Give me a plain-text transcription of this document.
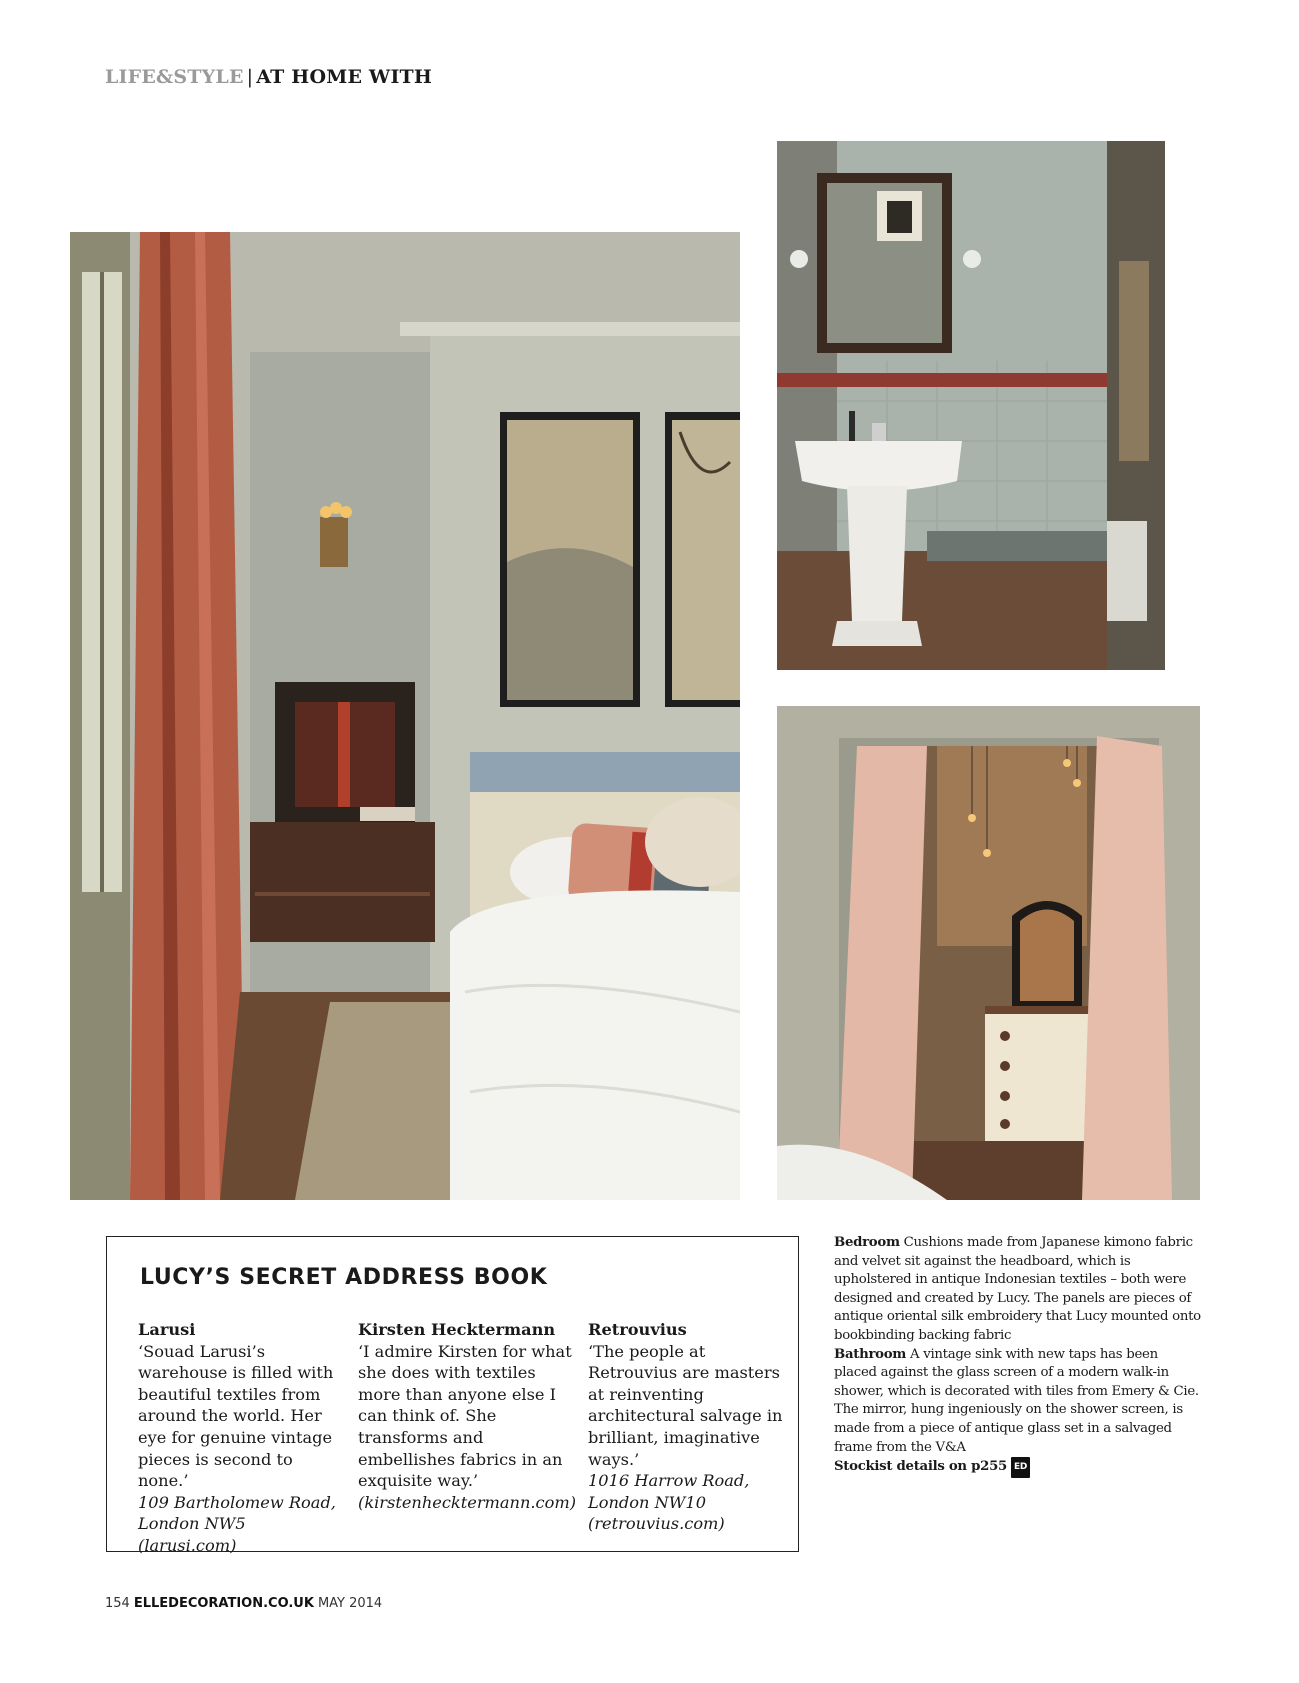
LIFE&STYLE | AT HOME WITH
LUCY’S SECRET ADDRESS BOOK
Larusi
‘Souad Larusi’s warehouse is filled with beautiful textiles from around the world. Her eye for genuine vintage pieces is second to none.’
109 Bartholomew Road, London NW5 (larusi.com)
Kirsten Hecktermann
‘I admire Kirsten for what she does with textiles more than anyone else I can think of. She transforms and embellishes fabrics in an exquisite way.’
(kirstenhecktermann.com)
Retrouvius
‘The people at Retrouvius are masters at reinventing architectural salvage in brilliant, imaginative ways.’
1016 Harrow Road, London NW10 (retrouvius.com)

Bedroom Cushions made from Japanese kimono fabric and velvet sit against the headboard, which is upholstered in antique Indonesian textiles – both were designed and created by Lucy. The panels are pieces of antique oriental silk embroidery that Lucy mounted onto bookbinding backing fabric

Bathroom A vintage sink with new taps has been placed against the glass screen of a modern walk-in shower, which is decorated with tiles from Emery & Cie. The mirror, hung ingeniously on the shower screen, is made from a piece of antique glass set in a salvaged frame from the V&A

Stockist details on p255 ED

154 ELLEDECORATION.CO.UK MAY 2014
